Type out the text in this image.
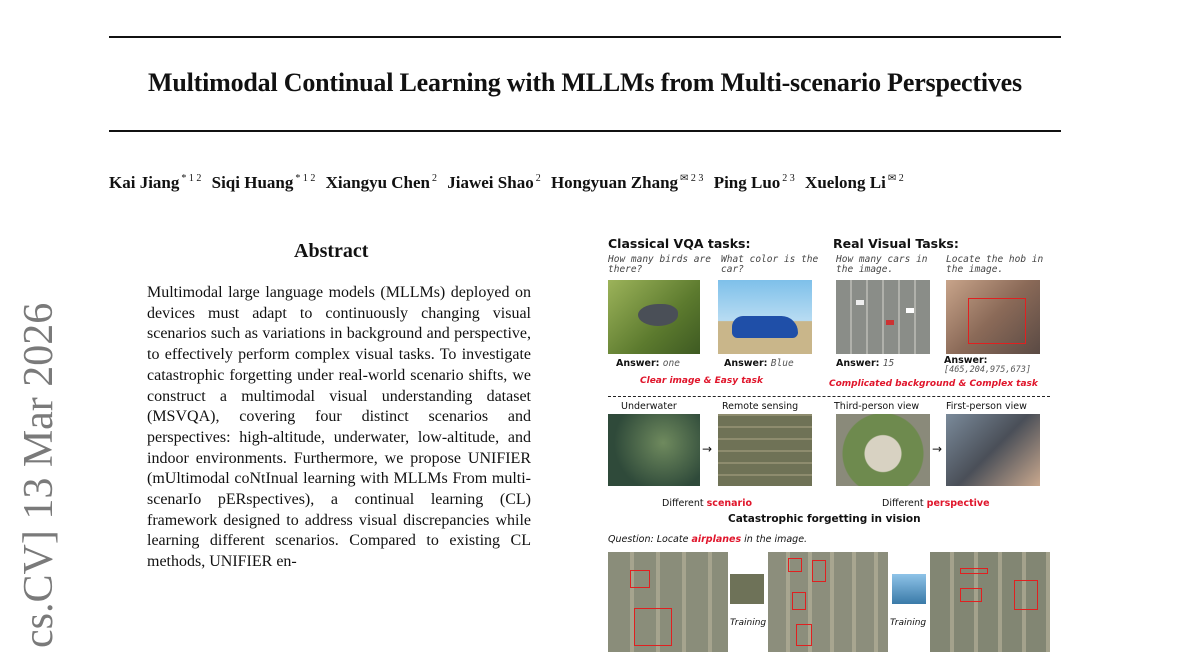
Multimodal Continual Learning with MLLMs from Multi-scenario Perspectives
Kai Jiang $^{* 1 2}$ Siqi Huang $^{* 1 2}$ Xiangyu Chen $^2$ Jiawei Shao $^2$ Hongyuan Zhang $^{✉ 2 3}$ Ping Luo $^{2 3}$ Xuelong Li $^{✉ 2}$
cs.CV] 13 Mar 2026
Abstract
Multimodal large language models (MLLMs) deployed on devices must adapt to continuously changing visual scenarios such as variations in background and perspective, to effectively perform complex visual tasks. To investigate catastrophic forgetting under real-world scenario shifts, we construct a multimodal visual understanding dataset (MSVQA), covering four distinct scenarios and perspectives: high-altitude, underwater, low-altitude, and indoor environments. Furthermore, we propose UNIFIER (mUltimodal coNtInual learning with MLLMs From multi-scenarIo pERspectives), a continual learning (CL) framework designed to address visual discrepancies while learning different scenarios. Compared to existing CL methods, UNIFIER en-
Classical VQA tasks:	Real Visual Tasks:
How many birds are there?
What color is the car?
How many cars in the image.
Locate the hob in the image.
Answer: one	Answer: Blue	Answer: 15	Answer:
[465,204,975,673]
Clear image & Easy task	Complicated background & Complex task
Underwater	Remote sensing	Third-person view	First-person view
→	→
Different scenario	Different perspective
Catastrophic forgetting in vision
Question: Locate airplanes in the image.
Training	Training
